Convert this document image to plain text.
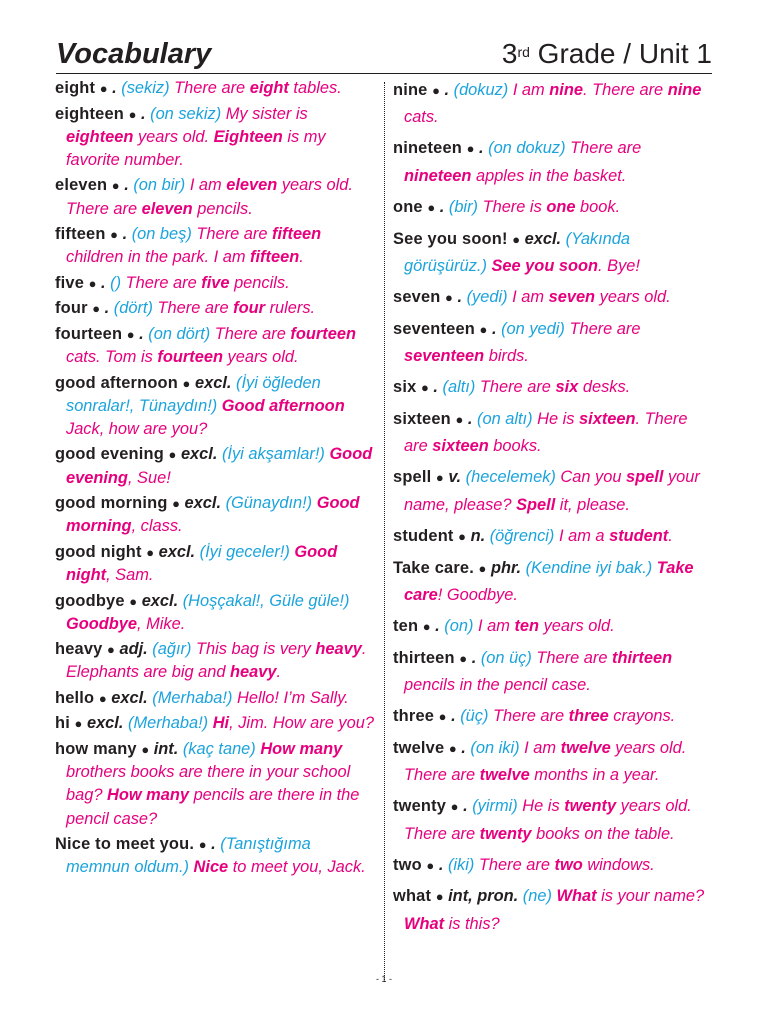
Vocabulary	3rd Grade / Unit 1
eight ● . (sekiz) There are eight tables.
eighteen ● . (on sekiz) My sister is eighteen years old. Eighteen is my favorite number.
eleven ● . (on bir) I am eleven years old. There are eleven pencils.
fifteen ● . (on beş) There are fifteen children in the park. I am fifteen.
five ● . () There are five pencils.
four ● . (dört) There are four rulers.
fourteen ● . (on dört) There are fourteen cats. Tom is fourteen years old.
good afternoon ● excl. (İyi öğleden sonralar!, Tünaydın!) Good afternoon Jack, how are you?
good evening ● excl. (İyi akşamlar!) Good evening, Sue!
good morning ● excl. (Günaydın!) Good morning, class.
good night ● excl. (İyi geceler!) Good night, Sam.
goodbye ● excl. (Hoşçakal!, Güle güle!) Goodbye, Mike.
heavy ● adj. (ağır) This bag is very heavy. Elephants are big and heavy.
hello ● excl. (Merhaba!) Hello! I’m Sally.
hi ● excl. (Merhaba!) Hi, Jim. How are you?
how many ● int. (kaç tane) How many brothers books are there in your school bag? How many pencils are there in the pencil case?
Nice to meet you. ● . (Tanıştığıma memnun oldum.) Nice to meet you, Jack.
nine ● . (dokuz) I am nine. There are nine cats.
nineteen ● . (on dokuz) There are nineteen apples in the basket.
one ● . (bir) There is one book.
See you soon! ● excl. (Yakında görüşürüz.) See you soon. Bye!
seven ● . (yedi) I am seven years old.
seventeen ● . (on yedi) There are seventeen birds.
six ● . (altı) There are six desks.
sixteen ● . (on altı) He is sixteen. There are sixteen books.
spell ● v. (hecelemek) Can you spell your name, please? Spell it, please.
student ● n. (öğrenci) I am a student.
Take care. ● phr. (Kendine iyi bak.) Take care! Goodbye.
ten ● . (on) I am ten years old.
thirteen ● . (on üç) There are thirteen pencils in the pencil case.
three ● . (üç) There are three crayons.
twelve ● . (on iki) I am twelve years old. There are twelve months in a year.
twenty ● . (yirmi) He is twenty years old. There are twenty books on the table.
two ● . (iki) There are two windows.
what ● int, pron. (ne) What is your name? What is this?
- 1 -
